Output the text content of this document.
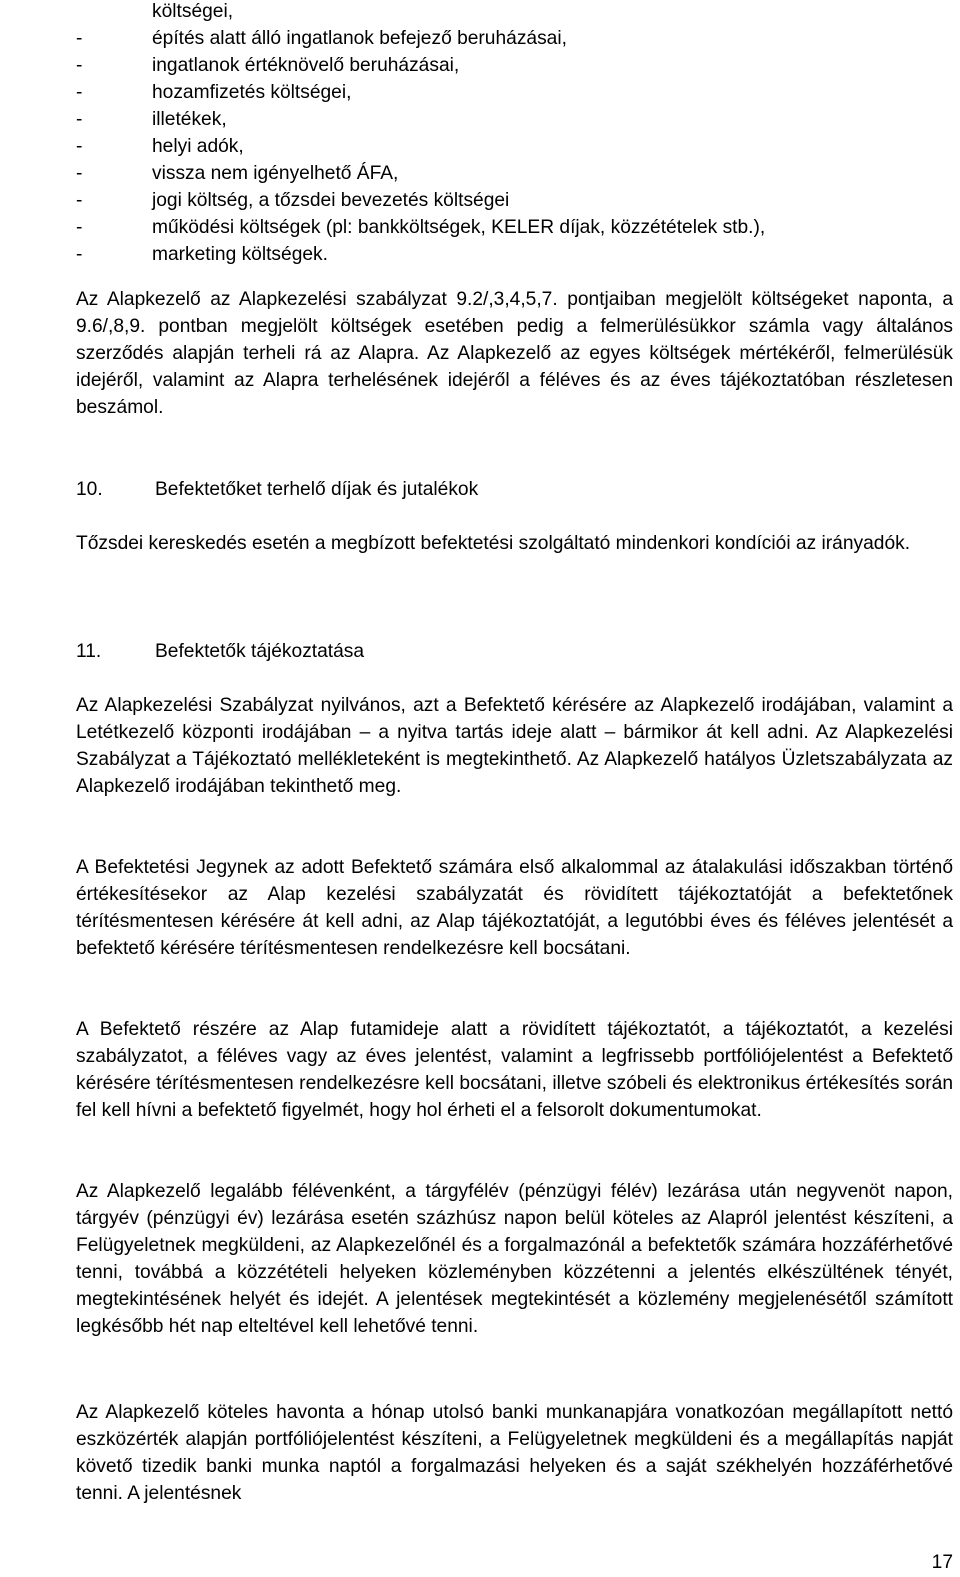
költségei,
-	építés alatt álló ingatlanok befejező beruházásai,
-	ingatlanok értéknövelő beruházásai,
-	hozamfizetés költségei,
-	illetékek,
-	helyi adók,
-	vissza nem igényelhető ÁFA,
-	jogi költség, a tőzsdei bevezetés költségei
-	működési költségek (pl: bankköltségek, KELER díjak, közzétételek stb.),
-	marketing költségek.

Az Alapkezelő az Alapkezelési szabályzat 9.2/,3,4,5,7. pontjaiban megjelölt költségeket naponta, a 9.6/,8,9. pontban megjelölt költségek esetében pedig a felmerülésükkor számla vagy általános szerződés alapján terheli rá az Alapra. Az Alapkezelő az egyes költségek mértékéről, felmerülésük idejéről, valamint az Alapra terhelésének idejéről a féléves és az éves tájékoztatóban részletesen beszámol.

10.	Befektetőket terhelő díjak és jutalékok

Tőzsdei kereskedés esetén a megbízott befektetési szolgáltató mindenkori kondíciói az irányadók.

11.	Befektetők tájékoztatása

Az Alapkezelési Szabályzat nyilvános, azt a Befektető kérésére az Alapkezelő irodájában, valamint a Letétkezelő központi irodájában – a nyitva tartás ideje alatt – bármikor át kell adni. Az Alapkezelési Szabályzat a Tájékoztató mellékleteként is megtekinthető. Az Alapkezelő hatályos Üzletszabályzata az Alapkezelő irodájában tekinthető meg.

A Befektetési Jegynek az adott Befektető számára első alkalommal az átalakulási időszakban történő értékesítésekor az Alap kezelési szabályzatát és rövidített tájékoztatóját a befektetőnek térítésmentesen kérésére át kell adni, az Alap tájékoztatóját, a legutóbbi éves és féléves jelentését a befektető kérésére térítésmentesen rendelkezésre kell bocsátani.

A Befektető részére az Alap futamideje alatt a rövidített tájékoztatót, a tájékoztatót, a kezelési szabályzatot, a féléves vagy az éves jelentést, valamint a legfrissebb portfóliójelentést a Befektető kérésére térítésmentesen rendelkezésre kell bocsátani, illetve szóbeli és elektronikus értékesítés során fel kell hívni a befektető figyelmét, hogy hol érheti el a felsorolt dokumentumokat.

Az Alapkezelő legalább félévenként, a tárgyfélév (pénzügyi félév) lezárása után negyvenöt napon, tárgyév (pénzügyi év) lezárása esetén százhúsz napon belül köteles az Alapról jelentést készíteni, a Felügyeletnek megküldeni, az Alapkezelőnél és a forgalmazónál a befektetők számára hozzáférhetővé tenni, továbbá a közzétételi helyeken közleményben közzétenni a jelentés elkészültének tényét, megtekintésének helyét és idejét. A jelentések megtekintését a közlemény megjelenésétől számított legkésőbb hét nap elteltével kell lehetővé tenni.

Az Alapkezelő köteles havonta a hónap utolsó banki munkanapjára vonatkozóan megállapított nettó eszközérték alapján portfóliójelentést készíteni, a Felügyeletnek megküldeni és a megállapítás napját követő tizedik banki munka naptól a forgalmazási helyeken és a saját székhelyén hozzáférhetővé tenni. A jelentésnek

17
